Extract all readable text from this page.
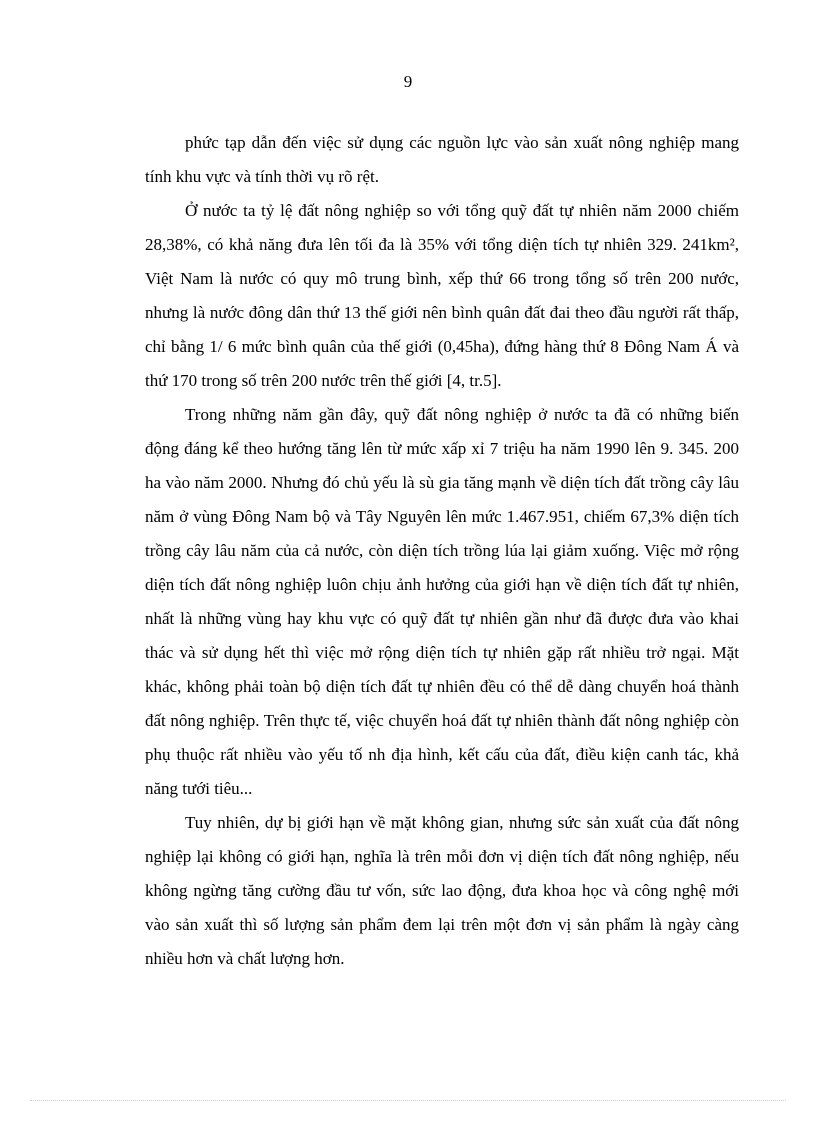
9

phức tạp dẫn đến việc sử dụng các nguồn lực vào sản xuất nông nghiệp mang tính khu vực và tính thời vụ rõ rệt.

Ở nước ta tỷ lệ đất nông nghiệp so với tổng quỹ đất tự nhiên năm 2000 chiếm 28,38%, có khả năng đưa lên tối đa là 35% với tổng diện tích tự nhiên 329. 241km², Việt Nam là nước có quy mô trung bình, xếp thứ 66 trong tổng số trên 200 nước, nhưng là nước đông dân thứ 13 thế giới nên bình quân đất đai theo đầu người rất thấp, chỉ bằng 1/ 6 mức bình quân của thế giới (0,45ha), đứng hàng thứ 8 Đông Nam Á và thứ 170 trong số trên 200 nước trên thế giới [4, tr.5].

Trong những năm gần đây, quỹ đất nông nghiệp ở nước ta đã có những biến động đáng kể theo hướng tăng lên từ mức xấp xỉ 7 triệu ha năm 1990 lên 9. 345. 200 ha vào năm 2000. Nhưng đó chủ yếu là sù gia tăng mạnh về diện tích đất trồng cây lâu năm ở vùng Đông Nam bộ và Tây Nguyên lên mức 1.467.951, chiếm 67,3% diện tích trồng cây lâu năm của cả nước, còn diện tích trồng lúa lại giảm xuống. Việc mở rộng diện tích đất nông nghiệp luôn chịu ảnh hưởng của giới hạn về diện tích đất tự nhiên, nhất là những vùng hay khu vực có quỹ đất tự nhiên gần như đã được đưa vào khai thác và sử dụng hết thì việc mở rộng diện tích tự nhiên gặp rất nhiều trở ngại. Mặt khác, không phải toàn bộ diện tích đất tự nhiên đều có thể dễ dàng chuyển hoá thành đất nông nghiệp. Trên thực tế, việc chuyển hoá đất tự nhiên thành đất nông nghiệp còn phụ thuộc rất nhiều vào yếu tố nh địa hình, kết cấu của đất, điều kiện canh tác, khả năng tưới tiêu...

Tuy nhiên, dự bị giới hạn về mặt không gian, nhưng sức sản xuất của đất nông nghiệp lại không có giới hạn, nghĩa là trên mỗi đơn vị diện tích đất nông nghiệp, nếu không ngừng tăng cường đầu tư vốn, sức lao động, đưa khoa học và công nghệ mới vào sản xuất thì số lượng sản phẩm đem lại trên một đơn vị sản phẩm là ngày càng nhiều hơn và chất lượng hơn.
